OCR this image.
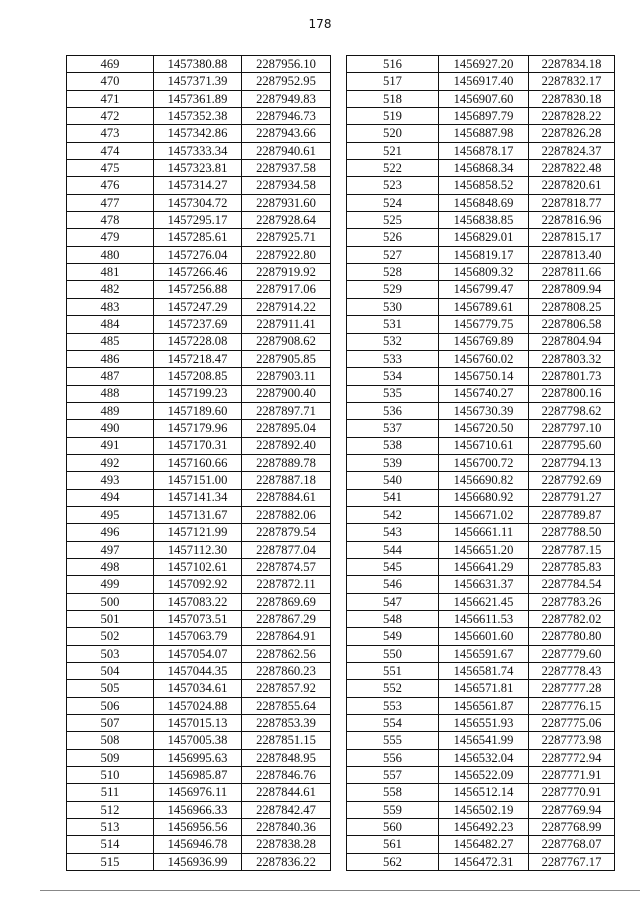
178
469	1457380.88	2287956.10
470	1457371.39	2287952.95
471	1457361.89	2287949.83
472	1457352.38	2287946.73
473	1457342.86	2287943.66
474	1457333.34	2287940.61
475	1457323.81	2287937.58
476	1457314.27	2287934.58
477	1457304.72	2287931.60
478	1457295.17	2287928.64
479	1457285.61	2287925.71
480	1457276.04	2287922.80
481	1457266.46	2287919.92
482	1457256.88	2287917.06
483	1457247.29	2287914.22
484	1457237.69	2287911.41
485	1457228.08	2287908.62
486	1457218.47	2287905.85
487	1457208.85	2287903.11
488	1457199.23	2287900.40
489	1457189.60	2287897.71
490	1457179.96	2287895.04
491	1457170.31	2287892.40
492	1457160.66	2287889.78
493	1457151.00	2287887.18
494	1457141.34	2287884.61
495	1457131.67	2287882.06
496	1457121.99	2287879.54
497	1457112.30	2287877.04
498	1457102.61	2287874.57
499	1457092.92	2287872.11
500	1457083.22	2287869.69
501	1457073.51	2287867.29
502	1457063.79	2287864.91
503	1457054.07	2287862.56
504	1457044.35	2287860.23
505	1457034.61	2287857.92
506	1457024.88	2287855.64
507	1457015.13	2287853.39
508	1457005.38	2287851.15
509	1456995.63	2287848.95
510	1456985.87	2287846.76
511	1456976.11	2287844.61
512	1456966.33	2287842.47
513	1456956.56	2287840.36
514	1456946.78	2287838.28
515	1456936.99	2287836.22
516	1456927.20	2287834.18
517	1456917.40	2287832.17
518	1456907.60	2287830.18
519	1456897.79	2287828.22
520	1456887.98	2287826.28
521	1456878.17	2287824.37
522	1456868.34	2287822.48
523	1456858.52	2287820.61
524	1456848.69	2287818.77
525	1456838.85	2287816.96
526	1456829.01	2287815.17
527	1456819.17	2287813.40
528	1456809.32	2287811.66
529	1456799.47	2287809.94
530	1456789.61	2287808.25
531	1456779.75	2287806.58
532	1456769.89	2287804.94
533	1456760.02	2287803.32
534	1456750.14	2287801.73
535	1456740.27	2287800.16
536	1456730.39	2287798.62
537	1456720.50	2287797.10
538	1456710.61	2287795.60
539	1456700.72	2287794.13
540	1456690.82	2287792.69
541	1456680.92	2287791.27
542	1456671.02	2287789.87
543	1456661.11	2287788.50
544	1456651.20	2287787.15
545	1456641.29	2287785.83
546	1456631.37	2287784.54
547	1456621.45	2287783.26
548	1456611.53	2287782.02
549	1456601.60	2287780.80
550	1456591.67	2287779.60
551	1456581.74	2287778.43
552	1456571.81	2287777.28
553	1456561.87	2287776.15
554	1456551.93	2287775.06
555	1456541.99	2287773.98
556	1456532.04	2287772.94
557	1456522.09	2287771.91
558	1456512.14	2287770.91
559	1456502.19	2287769.94
560	1456492.23	2287768.99
561	1456482.27	2287768.07
562	1456472.31	2287767.17
